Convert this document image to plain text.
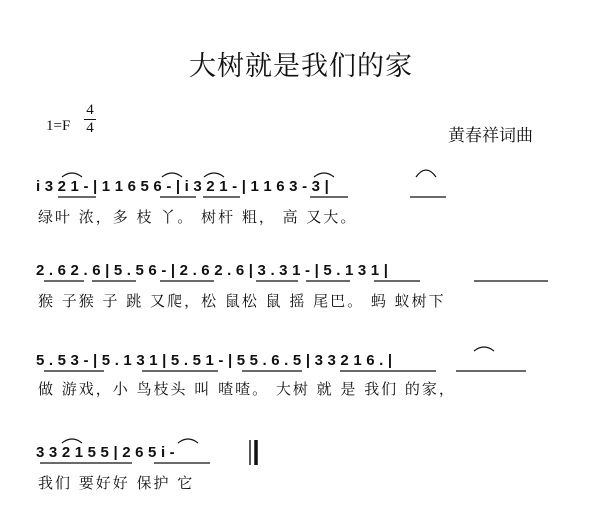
大树就是我们的家
1=F
4
4	黄春祥词曲
i 3 2 1 - | 1 1 6 5 6 - | i 3 2 1 - | 1 1 6 3 - 3 |
绿叶 浓，多 枝 丫。 树杆 粗， 高 又大。
2 . 6 2 . 6 | 5 . 5 6 - | 2 . 6 2 . 6 | 3 . 3 1 - | 5 . 1 3 1 |
猴 子猴 子 跳 又爬，松 鼠松 鼠 摇 尾巴。 蚂 蚁树下
5 . 5 3 - | 5 . 1 3 1 | 5 . 5 1 - | 5 5 . 6 . 5 | 3 3 2 1 6 . |
做 游戏，小 鸟枝头 叫 喳喳。 大树 就 是 我们 的家，
3 3 2 1 5 5 | 2 6 5 i -
我们 要好好 保护 它
